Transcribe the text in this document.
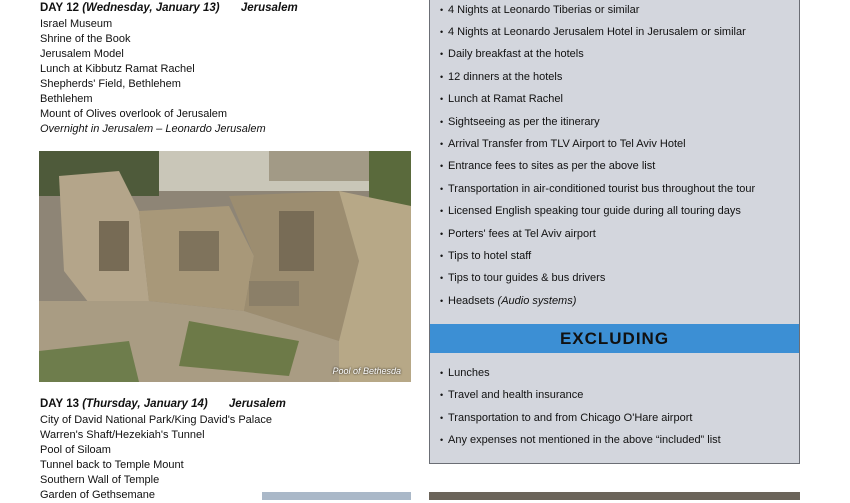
DAY 12 (Wednesday, January 13) Jerusalem
Israel Museum
Shrine of the Book
Jerusalem Model
Lunch at Kibbutz Ramat Rachel
Shepherds' Field, Bethlehem
Bethlehem
Mount of Olives overlook of Jerusalem
Overnight in Jerusalem – Leonardo Jerusalem
Pool of Bethesda
DAY 13 (Thursday, January 14) Jerusalem
City of David National Park/King David's Palace
Warren's Shaft/Hezekiah's Tunnel
Pool of Siloam
Tunnel back to Temple Mount
Southern Wall of Temple
Garden of Gethsemane
• 4 Nights at Leonardo Tiberias or similar
• 4 Nights at Leonardo Jerusalem Hotel in Jerusalem or similar
• Daily breakfast at the hotels
• 12 dinners at the hotels
• Lunch at Ramat Rachel
• Sightseeing as per the itinerary
• Arrival Transfer from TLV Airport to Tel Aviv Hotel
• Entrance fees to sites as per the above list
• Transportation in air-conditioned tourist bus throughout the tour
• Licensed English speaking tour guide during all touring days
• Porters' fees at Tel Aviv airport
• Tips to hotel staff
• Tips to tour guides & bus drivers
• Headsets (Audio systems)
EXCLUDING
• Lunches
• Travel and health insurance
• Transportation to and from Chicago O'Hare airport
• Any expenses not mentioned in the above “included” list
